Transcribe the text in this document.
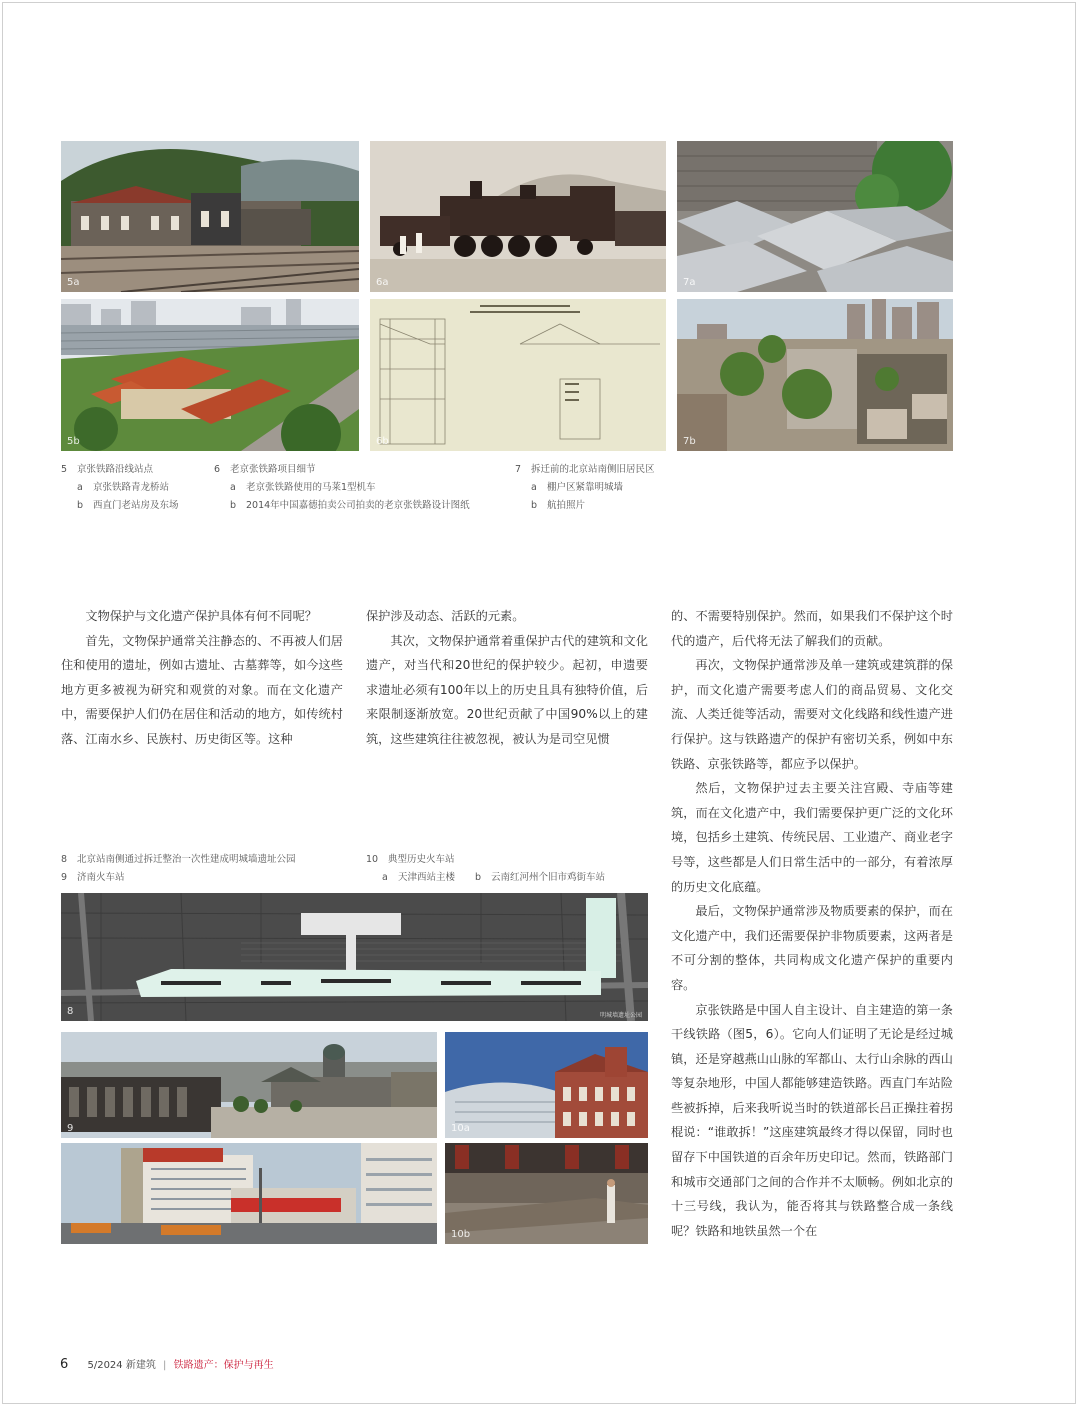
5a	6a	7a
5b	6b	7b
5 京张铁路沿线站点
a 京张铁路青龙桥站
b 西直门老站房及东场
6 老京张铁路项目细节
a 老京张铁路使用的马莱1型机车
b 2014年中国嘉德拍卖公司拍卖的老京张铁路设计图纸
7 拆迁前的北京站南侧旧居民区
a 棚户区紧靠明城墙
b 航拍照片

文物保护与文化遗产保护具体有何不同呢？

首先，文物保护通常关注静态的、不再被人们居住和使用的遗址，例如古遗址、古墓葬等，如今这些地方更多被视为研究和观赏的对象。而在文化遗产中，需要保护人们仍在居住和活动的地方，如传统村落、江南水乡、民族村、历史街区等。这种

保护涉及动态、活跃的元素。

其次，文物保护通常着重保护古代的建筑和文化遗产，对当代和20世纪的保护较少。起初，申遗要求遗址必须有100年以上的历史且具有独特价值，后来限制逐渐放宽。20世纪贡献了中国90%以上的建筑，这些建筑往往被忽视，被认为是司空见惯

的、不需要特别保护。然而，如果我们不保护这个时代的遗产，后代将无法了解我们的贡献。

再次，文物保护通常涉及单一建筑或建筑群的保护，而文化遗产需要考虑人们的商品贸易、文化交流、人类迁徙等活动，需要对文化线路和线性遗产进行保护。这与铁路遗产的保护有密切关系，例如中东铁路、京张铁路等，都应予以保护。

然后，文物保护过去主要关注宫殿、寺庙等建筑，而在文化遗产中，我们需要保护更广泛的文化环境，包括乡土建筑、传统民居、工业遗产、商业老字号等，这些都是人们日常生活中的一部分，有着浓厚的历史文化底蕴。

最后，文物保护通常涉及物质要素的保护，而在文化遗产中，我们还需要保护非物质要素，这两者是不可分割的整体，共同构成文化遗产保护的重要内容。

京张铁路是中国人自主设计、自主建造的第一条干线铁路（图5，6）。它向人们证明了无论是经过城镇，还是穿越燕山山脉的军都山、太行山余脉的西山等复杂地形，中国人都能够建造铁路。西直门车站险些被拆掉，后来我听说当时的铁道部长吕正操拄着拐棍说：“谁敢拆！”这座建筑最终才得以保留，同时也留存下中国铁道的百余年历史印记。然而，铁路部门和城市交通部门之间的合作并不太顺畅。例如北京的十三号线，我认为，能否将其与铁路整合成一条线呢？铁路和地铁虽然一个在

8 北京站南侧通过拆迁整治一次性建成明城墙遗址公园
9 济南火车站
10 典型历史火车站
a 天津西站主楼 b 云南红河州个旧市鸡街车站
8	明城墙遗址公园
9	10a
10b
6 5/2024 新建筑 | 铁路遗产：保护与再生
